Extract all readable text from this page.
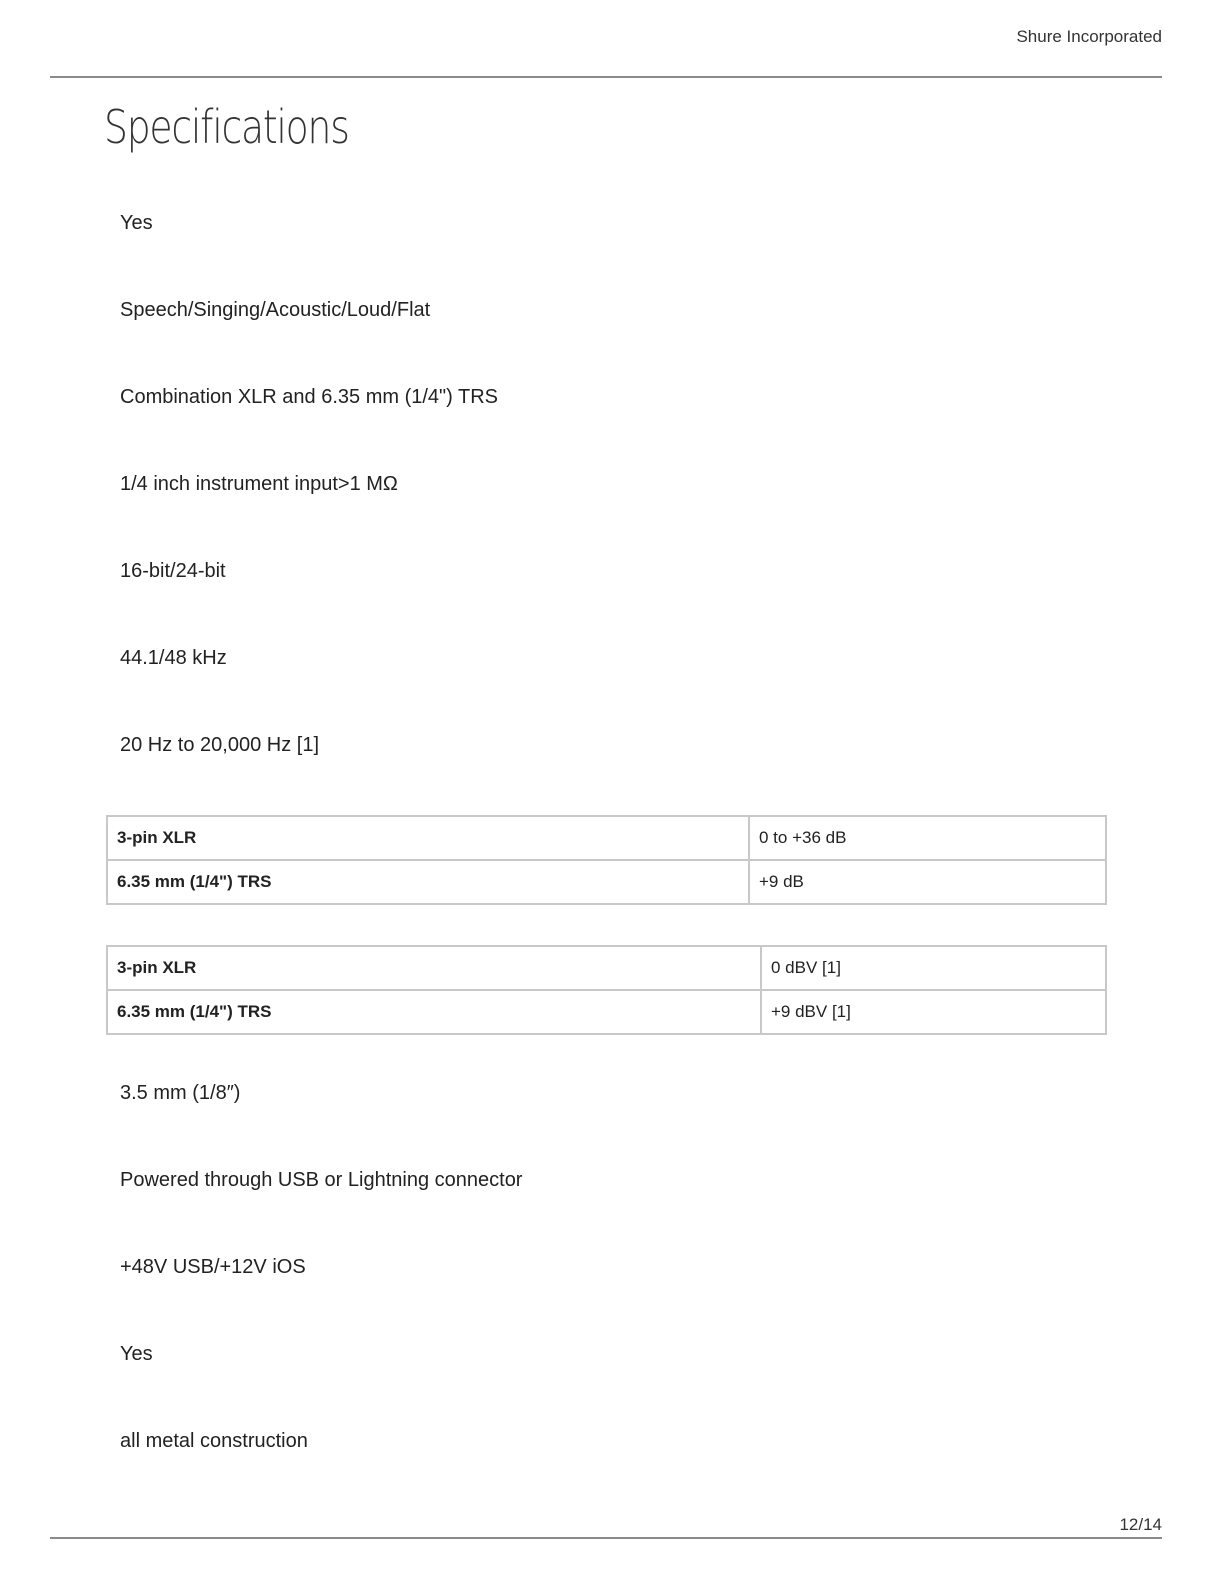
Shure Incorporated
Specifications
Yes
Speech/Singing/Acoustic/Loud/Flat
Combination XLR and 6.35 mm (1/4") TRS
1/4 inch instrument input>1 MΩ
16-bit/24-bit
44.1/48 kHz
20 Hz to 20,000 Hz [1]
3-pin XLR	0 to +36 dB
6.35 mm (1/4") TRS	+9 dB
3-pin XLR	0 dBV [1]
6.35 mm (1/4") TRS	+9 dBV [1]
3.5 mm (1/8″)
Powered through USB or Lightning connector
+48V USB/+12V iOS
Yes
all metal construction
12/14
